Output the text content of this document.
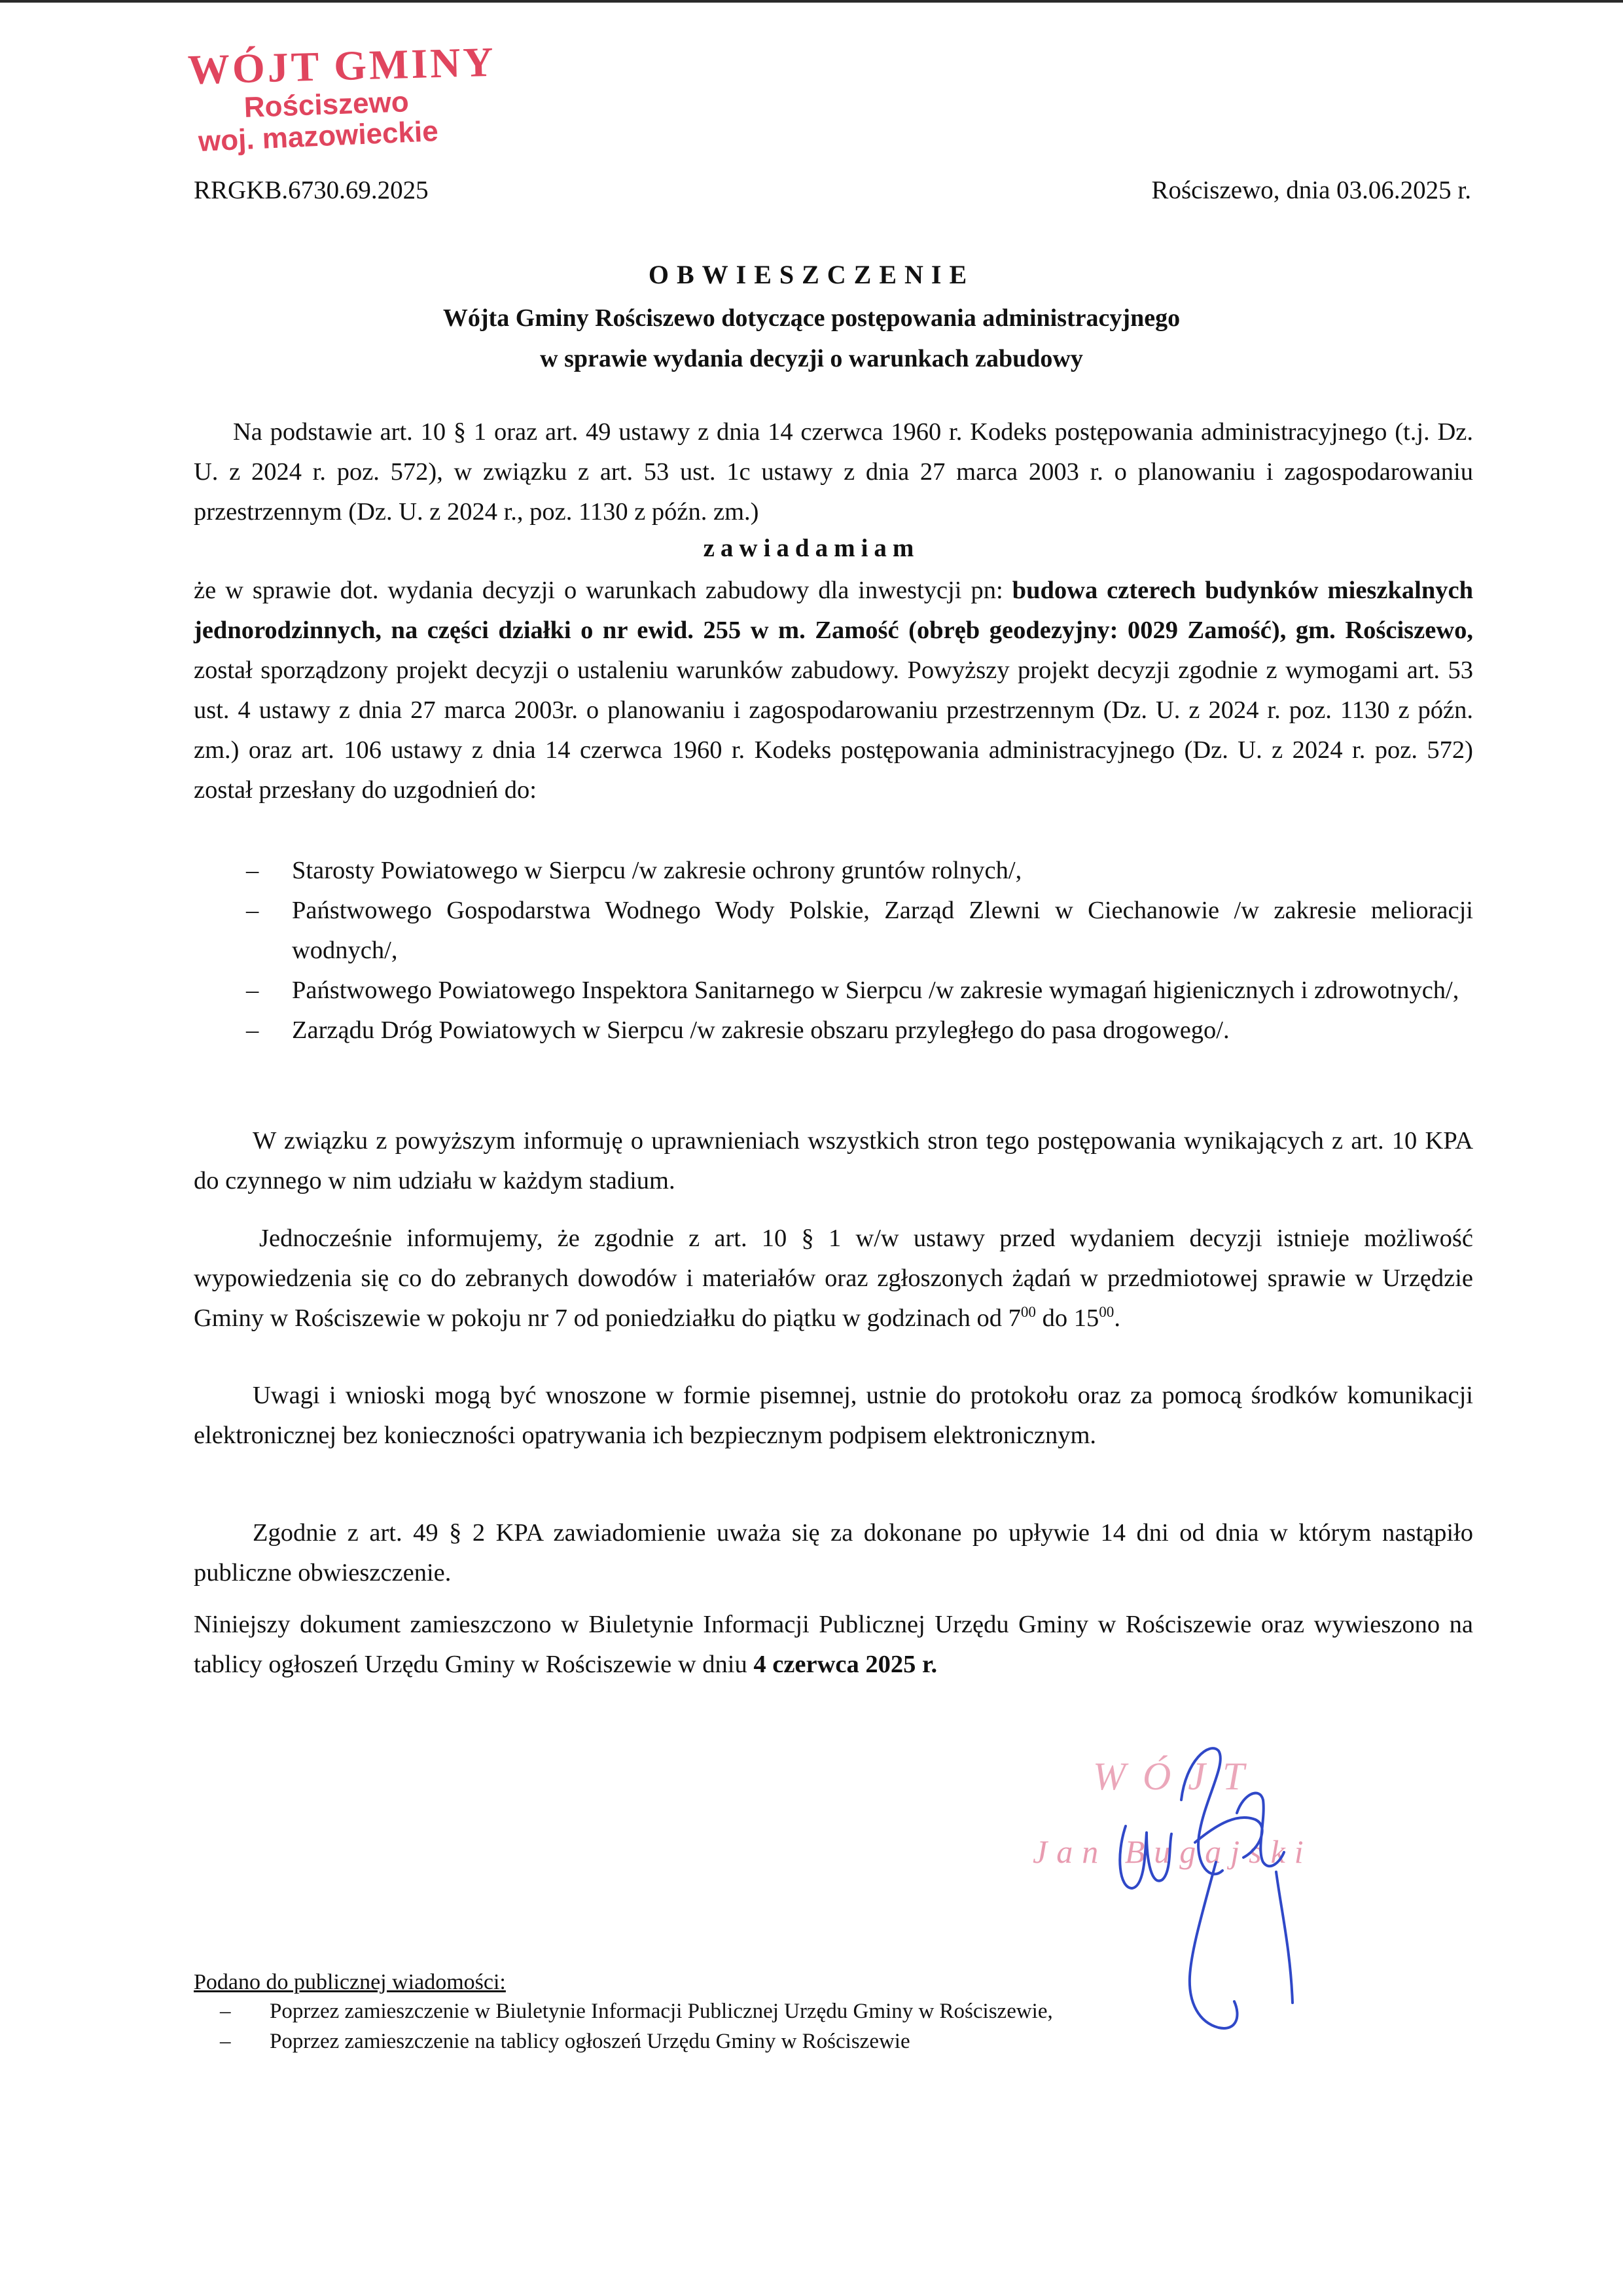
WÓJT GMINY
Rościszewo
woj. mazowieckie
RRGKB.6730.69.2025	Rościszewo, dnia 03.06.2025 r.
OBWIESZCZENIE
Wójta Gminy Rościszewo dotyczące postępowania administracyjnego
w sprawie wydania decyzji o warunkach zabudowy

Na podstawie art. 10 § 1 oraz art. 49 ustawy z dnia 14 czerwca 1960 r. Kodeks postępowania administracyjnego (t.j. Dz. U. z 2024 r. poz. 572), w związku z art. 53 ust. 1c ustawy z dnia 27 marca 2003 r. o planowaniu i zagospodarowaniu przestrzennym (Dz. U. z 2024 r., poz. 1130 z późn. zm.)

zawiadamiam

że w sprawie dot. wydania decyzji o warunkach zabudowy dla inwestycji pn: budowa czterech budynków mieszkalnych jednorodzinnych, na części działki o nr ewid. 255 w m. Zamość (obręb geodezyjny: 0029 Zamość), gm. Rościszewo, został sporządzony projekt decyzji o ustaleniu warunków zabudowy. Powyższy projekt decyzji zgodnie z wymogami art. 53 ust. 4 ustawy z dnia 27 marca 2003r. o planowaniu i zagospodarowaniu przestrzennym (Dz. U. z 2024 r. poz. 1130 z późn. zm.) oraz art. 106 ustawy z dnia 14 czerwca 1960 r. Kodeks postępowania administracyjnego (Dz. U. z 2024 r. poz. 572) został przesłany do uzgodnień do:

– Starosty Powiatowego w Sierpcu /w zakresie ochrony gruntów rolnych/,
– Państwowego Gospodarstwa Wodnego Wody Polskie, Zarząd Zlewni w Ciechanowie /w zakresie melioracji wodnych/,
– Państwowego Powiatowego Inspektora Sanitarnego w Sierpcu /w zakresie wymagań higienicznych i zdrowotnych/,
– Zarządu Dróg Powiatowych w Sierpcu /w zakresie obszaru przyległego do pasa drogowego/.

W związku z powyższym informuję o uprawnieniach wszystkich stron tego postępowania wynikających z art. 10 KPA do czynnego w nim udziału w każdym stadium.

Jednocześnie informujemy, że zgodnie z art. 10 § 1 w/w ustawy przed wydaniem decyzji istnieje możliwość wypowiedzenia się co do zebranych dowodów i materiałów oraz zgłoszonych żądań w przedmiotowej sprawie w Urzędzie Gminy w Rościszewie w pokoju nr 7 od poniedziałku do piątku w godzinach od $7^{00}$ do $15^{00}$.

Uwagi i wnioski mogą być wnoszone w formie pisemnej, ustnie do protokołu oraz za pomocą środków komunikacji elektronicznej bez konieczności opatrywania ich bezpiecznym podpisem elektronicznym.

Zgodnie z art. 49 § 2 KPA zawiadomienie uważa się za dokonane po upływie 14 dni od dnia w którym nastąpiło publiczne obwieszczenie.

Niniejszy dokument zamieszczono w Biuletynie Informacji Publicznej Urzędu Gminy w Rościszewie oraz wywieszono na tablicy ogłoszeń Urzędu Gminy w Rościszewie w dniu 4 czerwca 2025 r.

WÓJT
Jan Bugajski
Podano do publicznej wiadomości:
– Poprzez zamieszczenie w Biuletynie Informacji Publicznej Urzędu Gminy w Rościszewie,
– Poprzez zamieszczenie na tablicy ogłoszeń Urzędu Gminy w Rościszewie
